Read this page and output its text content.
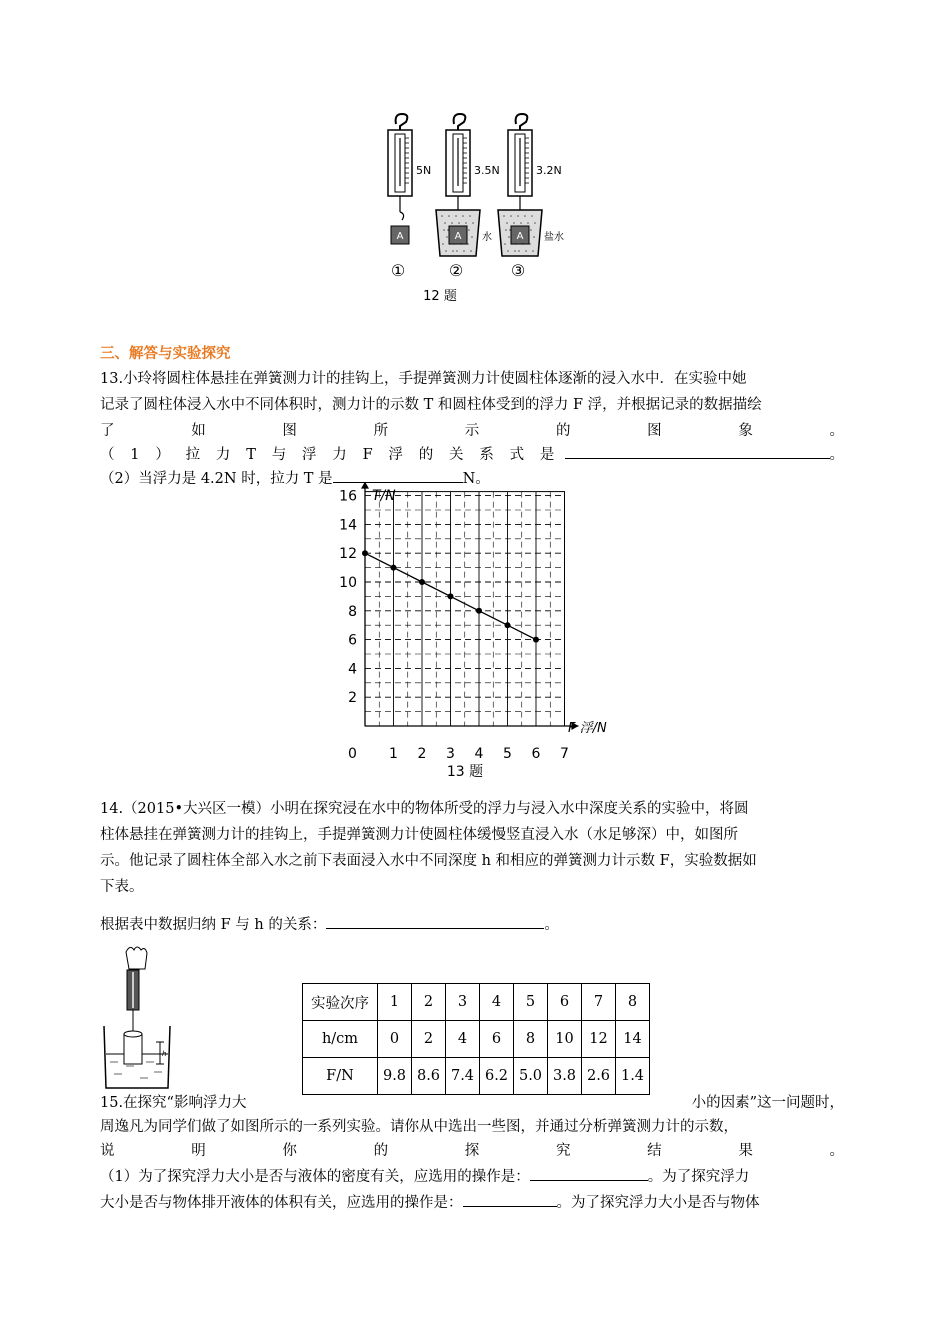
5N
A
①
3.5N
水
A
②
3.2N
盐水
A
③
12 题
三、解答与实验探究
13.小玲将圆柱体悬挂在弹簧测力计的挂钩上，手提弹簧测力计使圆柱体逐渐的浸入水中．在实验中她
记录了圆柱体浸入水中不同体积时，测力计的示数 T 和圆柱体受到的浮力 F 浮，并根据记录的数据描绘
了	如	图	所	示	的	图	象	。
（ 1 ） 拉 力 T 与 浮 力 F 浮 的 关 系 式 是	。
（2）当浮力是 4.2N 时，拉力 T 是	N。
1 2 3 4 5 6 7
2
4
6
8
10
12
14
16 T/N
F 浮/N
0
13 题
14.（2015•大兴区一模）小明在探究浸在水中的物体所受的浮力与浸入水中深度关系的实验中，将圆
柱体悬挂在弹簧测力计的挂钩上，手提弹簧测力计使圆柱体缓慢竖直浸入水（水足够深）中，如图所
示。他记录了圆柱体全部入水之前下表面浸入水中不同深度 h 和相应的弹簧测力计示数 F，实验数据如
下表。
根据表中数据归纳 F 与 h 的关系：	。
h
实验次序	1	2	3	4	5	6	7	8
h/cm	0	2	4	6	8	10	12	14
F/N	9.8	8.6	7.4	6.2	5.0	3.8	2.6	1.4
15.在探究“影响浮力大	小的因素”这一问题时，
周逸凡为同学们做了如图所示的一系列实验。请你从中选出一些图，并通过分析弹簧测力计的示数，
说	明	你	的	探	究	结	果	。
（1）为了探究浮力大小是否与液体的密度有关，应选用的操作是：	。为了探究浮力
大小是否与物体排开液体的体积有关，应选用的操作是：	。为了探究浮力大小是否与物体
